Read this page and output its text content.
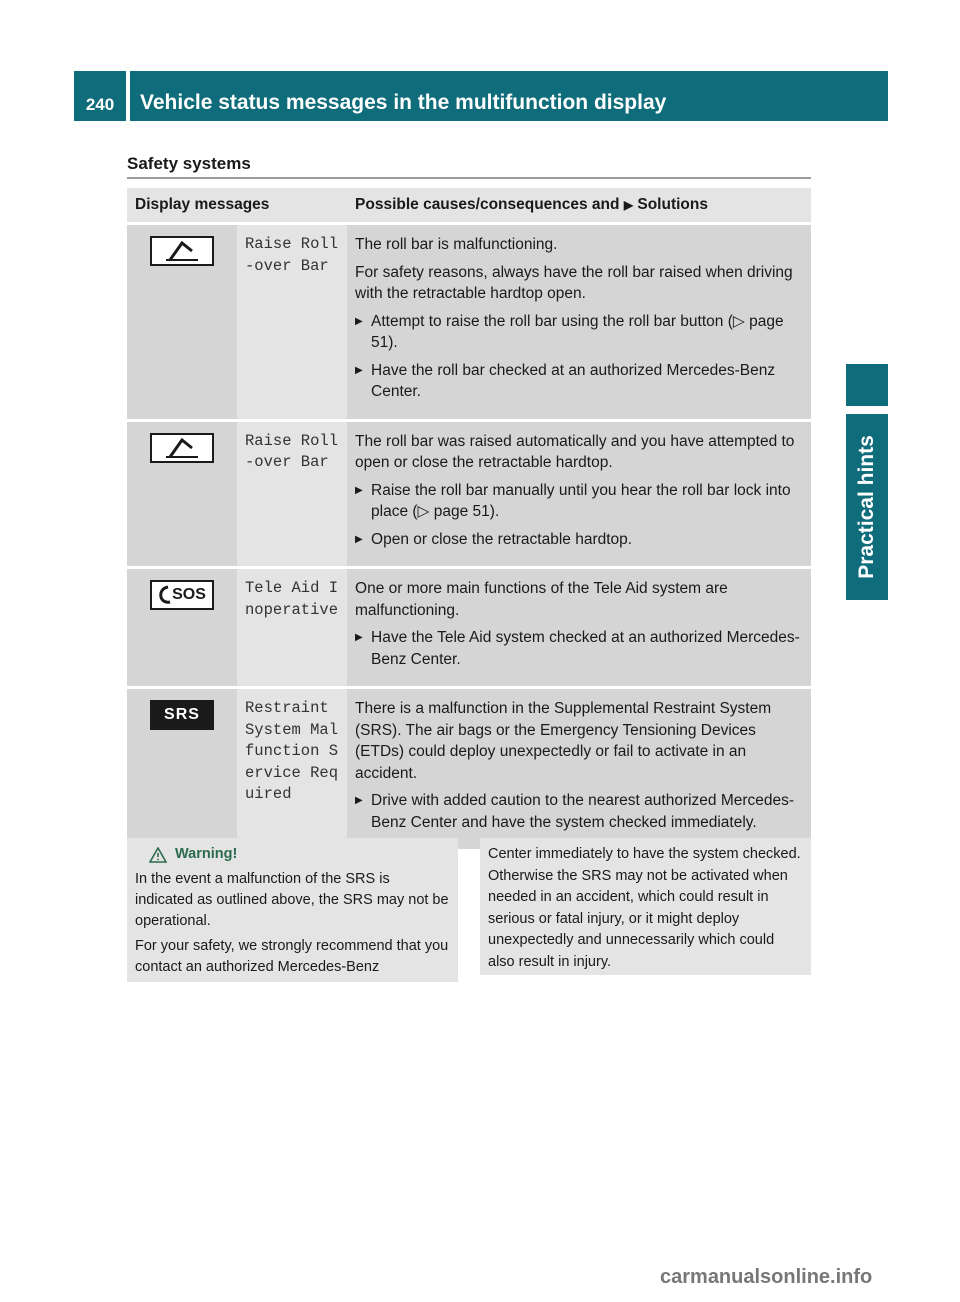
240	Vehicle status messages in the multifunction display
Practical hints
Safety systems
Display messages		Possible causes/consequences and ▶ Solutions

	Raise Roll-over Bar	The roll bar is malfunctioning.

For safety reasons, always have the roll bar raised when driving with the retractable hardtop open.

▶ Attempt to raise the roll bar using the roll bar button (▷ page 51).
▶ Have the roll bar checked at an authorized Mercedes-Benz Center.

	Raise Roll-over Bar	The roll bar was raised automatically and you have attempted to open or close the retractable hardtop.

▶ Raise the roll bar manually until you hear the roll bar lock into place (▷ page 51).
▶ Open or close the retractable hardtop.

SOS	Tele Aid Inoperative	One or more main functions of the Tele Aid system are malfunctioning.

▶ Have the Tele Aid system checked at an authorized Mercedes-Benz Center.

SRS	Restraint System Malfunction Service Required	There is a malfunction in the Supplemental Restraint System (SRS). The air bags or the Emergency Tensioning Devices (ETDs) could deploy unexpectedly or fail to activate in an accident.

▶ Drive with added caution to the nearest authorized Mercedes-Benz Center and have the system checked immediately.
Warning!

In the event a malfunction of the SRS is indicated as outlined above, the SRS may not be operational.

For your safety, we strongly recommend that you contact an authorized Mercedes-Benz

Center immediately to have the system checked. Otherwise the SRS may not be activated when needed in an accident, which could result in serious or fatal injury, or it might deploy unexpectedly and unnecessarily which could also result in injury.

carmanualsonline.info
